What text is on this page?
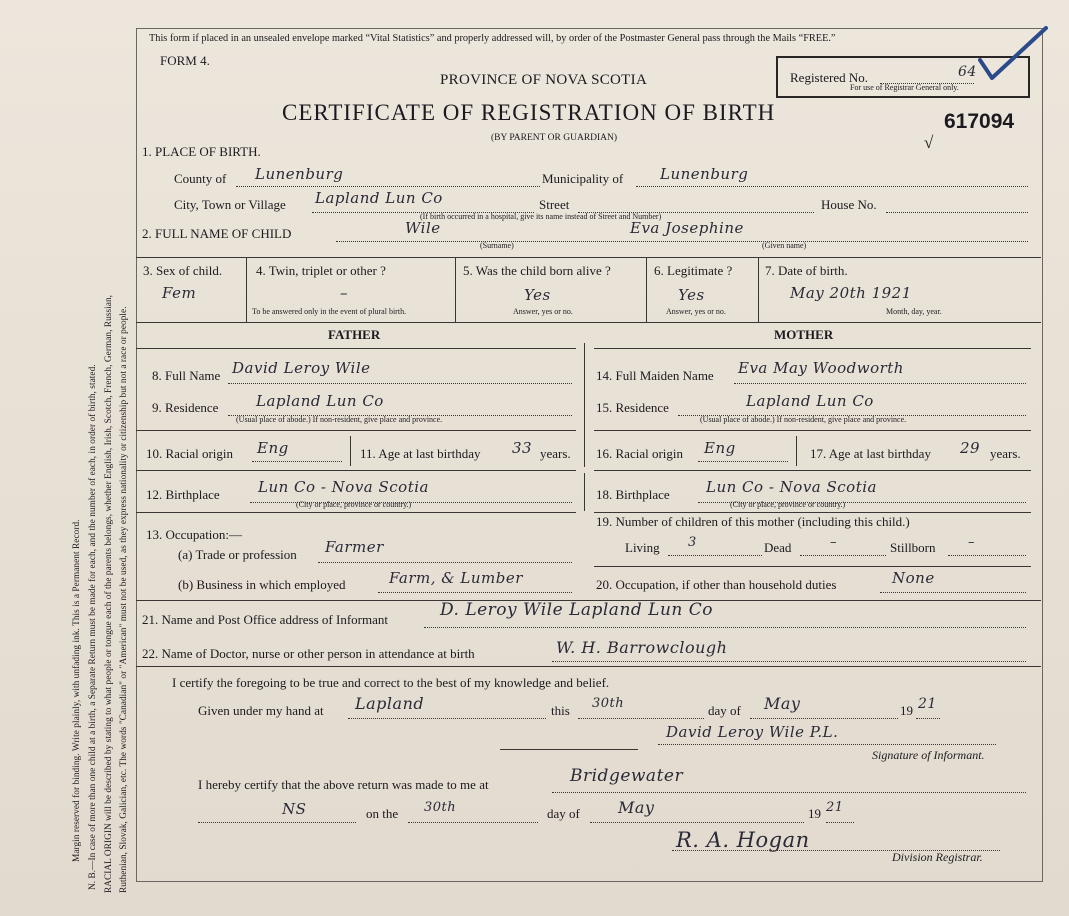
Margin reserved for binding. Write plainly, with unfading ink. This is a Permanent Record. N. B.—In case of more than one child at a birth, a Separate Return must be made for each, and the number of each, in order of birth, stated. RACIAL ORIGIN will be described by stating to what people or tongue each of the parents belongs, whether English, Irish, Scotch, French, German, Russian, Ruthenian, Slovak, Galician, etc. The words "Canadian" or "American" must not be used, as they express nationality or citizenship but not a race or people.
This form if placed in an unsealed envelope marked “Vital Statistics” and properly addressed will, by order of the Postmaster General pass through the Mails “FREE.”
FORM 4.
PROVINCE OF NOVA SCOTIA
CERTIFICATE OF REGISTRATION OF BIRTH
(BY PARENT OR GUARDIAN)
Registered No.	64
For use of Registrar General only.
617094
√
1. PLACE OF BIRTH.
County of Lunenburg	Municipality of Lunenburg
City, Town or Village Lapland Lun Co	Street	House No.
(If birth occurred in a hospital, give its name instead of Street and Number)
2. FULL NAME OF CHILD	Wile	Eva Josephine
(Surname)	(Given name)
3. Sex of child.
Fem
4. Twin, triplet or other ?
–
To be answered only in the event of plural birth.
5. Was the child born alive ?
Yes
Answer, yes or no.
6. Legitimate ?
Yes
Answer, yes or no.
7. Date of birth.
May 20th 1921
Month, day, year.
FATHER	MOTHER
8. Full Name David Leroy Wile
9. Residence	Lapland Lun Co
(Usual place of abode.) If non-resident, give place and province.
10. Racial origin Eng	11. Age at last birthday 33 years.
12. Birthplace	Lun Co - Nova Scotia
(City or place, province or country.)
13. Occupation:—
(a) Trade or profession Farmer
(b) Business in which employed	Farm, & Lumber
14. Full Maiden Name Eva May Woodworth
15. Residence	Lapland Lun Co
(Usual place of abode.) If non-resident, give place and province.
16. Racial origin Eng	17. Age at last birthday 29 years.
18. Birthplace Lun Co - Nova Scotia
(City or place, province or country.)
19. Number of children of this mother (including this child.)
Living 3	Dead	–	Stillborn –
20. Occupation, if other than household duties	None
21. Name and Post Office address of Informant	D. Leroy Wile Lapland Lun Co
22. Name of Doctor, nurse or other person in attendance at birth	W. H. Barrowclough
I certify the foregoing to be true and correct to the best of my knowledge and belief.
Given under my hand at Lapland	this 30th	day of May	19 21
David Leroy Wile P.L.
Signature of Informant.
I hereby certify that the above return was made to me at	Bridgewater
NS	on the 30th	day of May	19 21
R. A. Hogan
Division Registrar.
